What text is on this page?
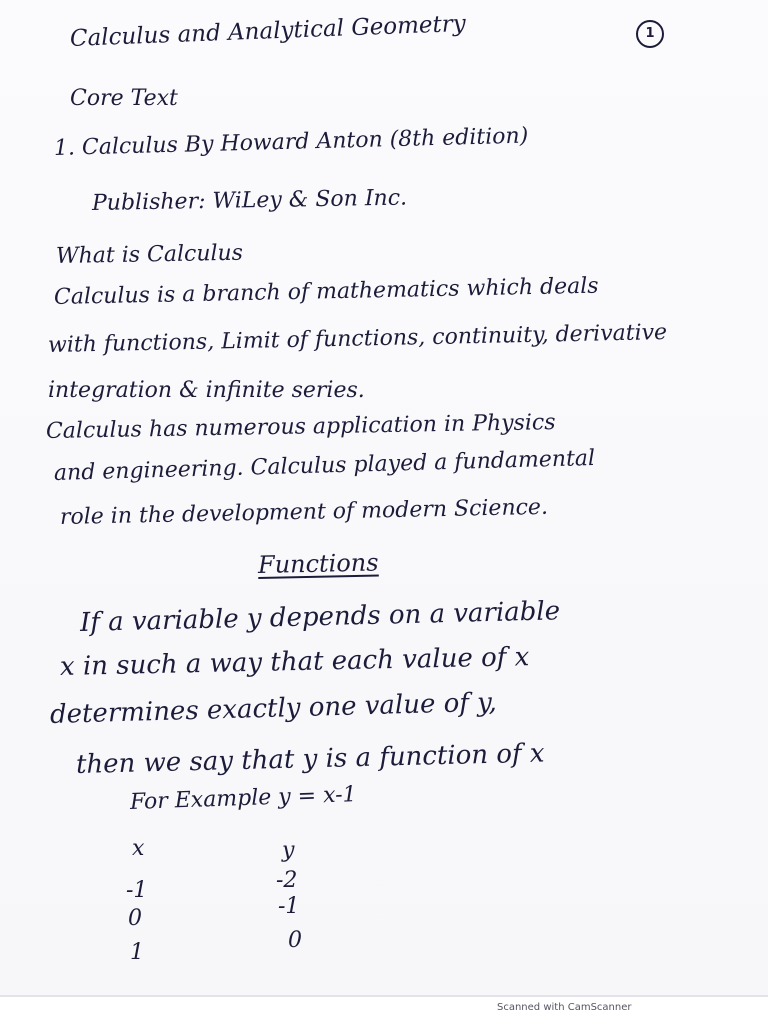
Calculus and Analytical Geometry	1

Core Text

1. Calculus By Howard Anton (8th edition)

Publisher: WiLey & Son Inc.

What is Calculus

Calculus is a branch of mathematics which deals

with functions, Limit of functions, continuity, derivative

integration & infinite series.

Calculus has numerous application in Physics

and engineering. Calculus played a fundamental

role in the development of modern Science.

Functions

If a variable y depends on a variable

x in such a way that each value of x

determines exactly one value of y,

then we say that y is a function of x

For Example y = x-1

x	y

-1	-2

0	-1

1	0

Scanned with CamScanner
